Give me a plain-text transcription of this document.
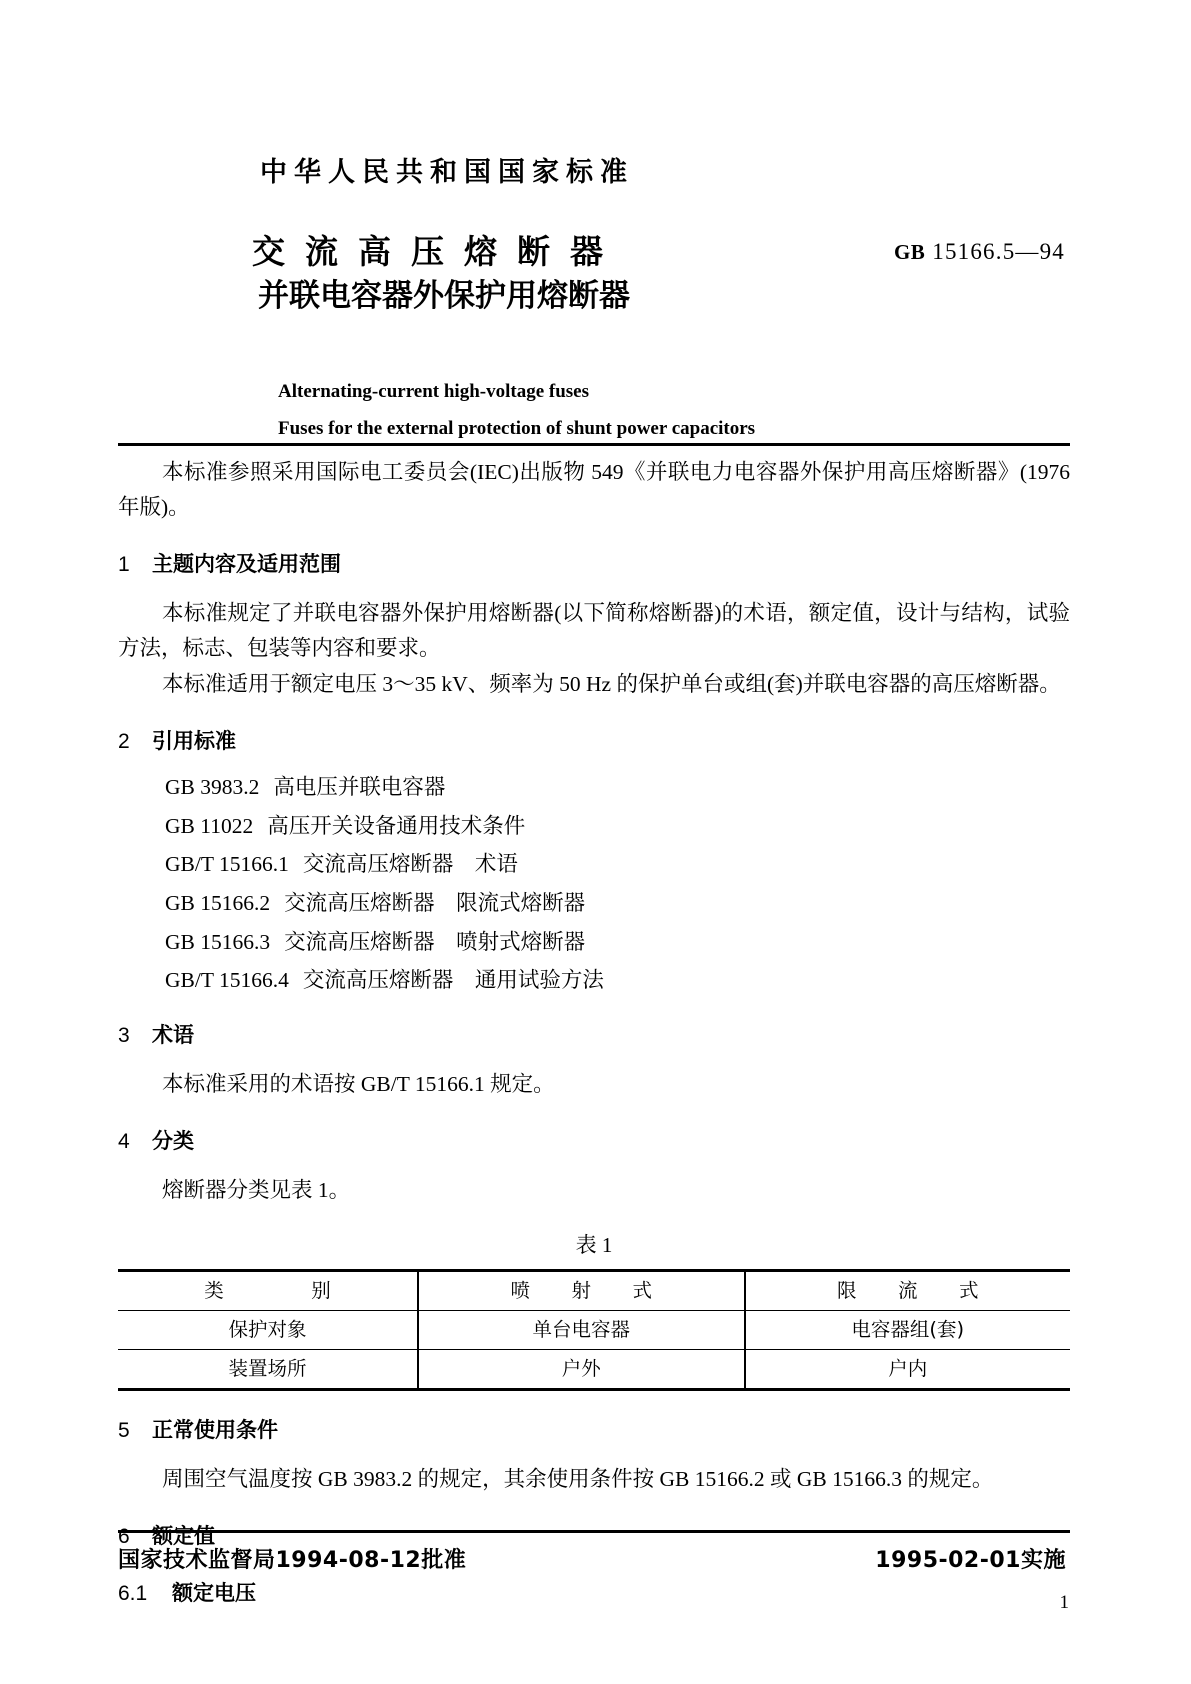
中华人民共和国国家标准
交流高压熔断器
并联电容器外保护用熔断器
GB 15166.5—94
Alternating-current high-voltage fuses
Fuses for the external protection of shunt power capacitors

本标准参照采用国际电工委员会(IEC)出版物 549《并联电力电容器外保护用高压熔断器》(1976年版)。

1 主题内容及适用范围

本标准规定了并联电容器外保护用熔断器(以下简称熔断器)的术语，额定值，设计与结构，试验方法，标志、包装等内容和要求。

本标准适用于额定电压 3～35 kV、频率为 50 Hz 的保护单台或组(套)并联电容器的高压熔断器。

2 引用标准
GB 3983.2 高电压并联电容器
GB 11022 高压开关设备通用技术条件
GB/T 15166.1 交流高压熔断器　术语
GB 15166.2 交流高压熔断器　限流式熔断器
GB 15166.3 交流高压熔断器　喷射式熔断器
GB/T 15166.4 交流高压熔断器　通用试验方法
3 术语

本标准采用的术语按 GB/T 15166.1 规定。

4 分类

熔断器分类见表 1。

表 1
类　别	喷　射　式	限　流　式
保护对象	单台电容器	电容器组(套)
装置场所	户外	户内
5 正常使用条件

周围空气温度按 GB 3983.2 的规定，其余使用条件按 GB 15166.2 或 GB 15166.3 的规定。

6 额定值
6.1 额定电压
国家技术监督局1994-08-12批准	1995-02-01实施
1
